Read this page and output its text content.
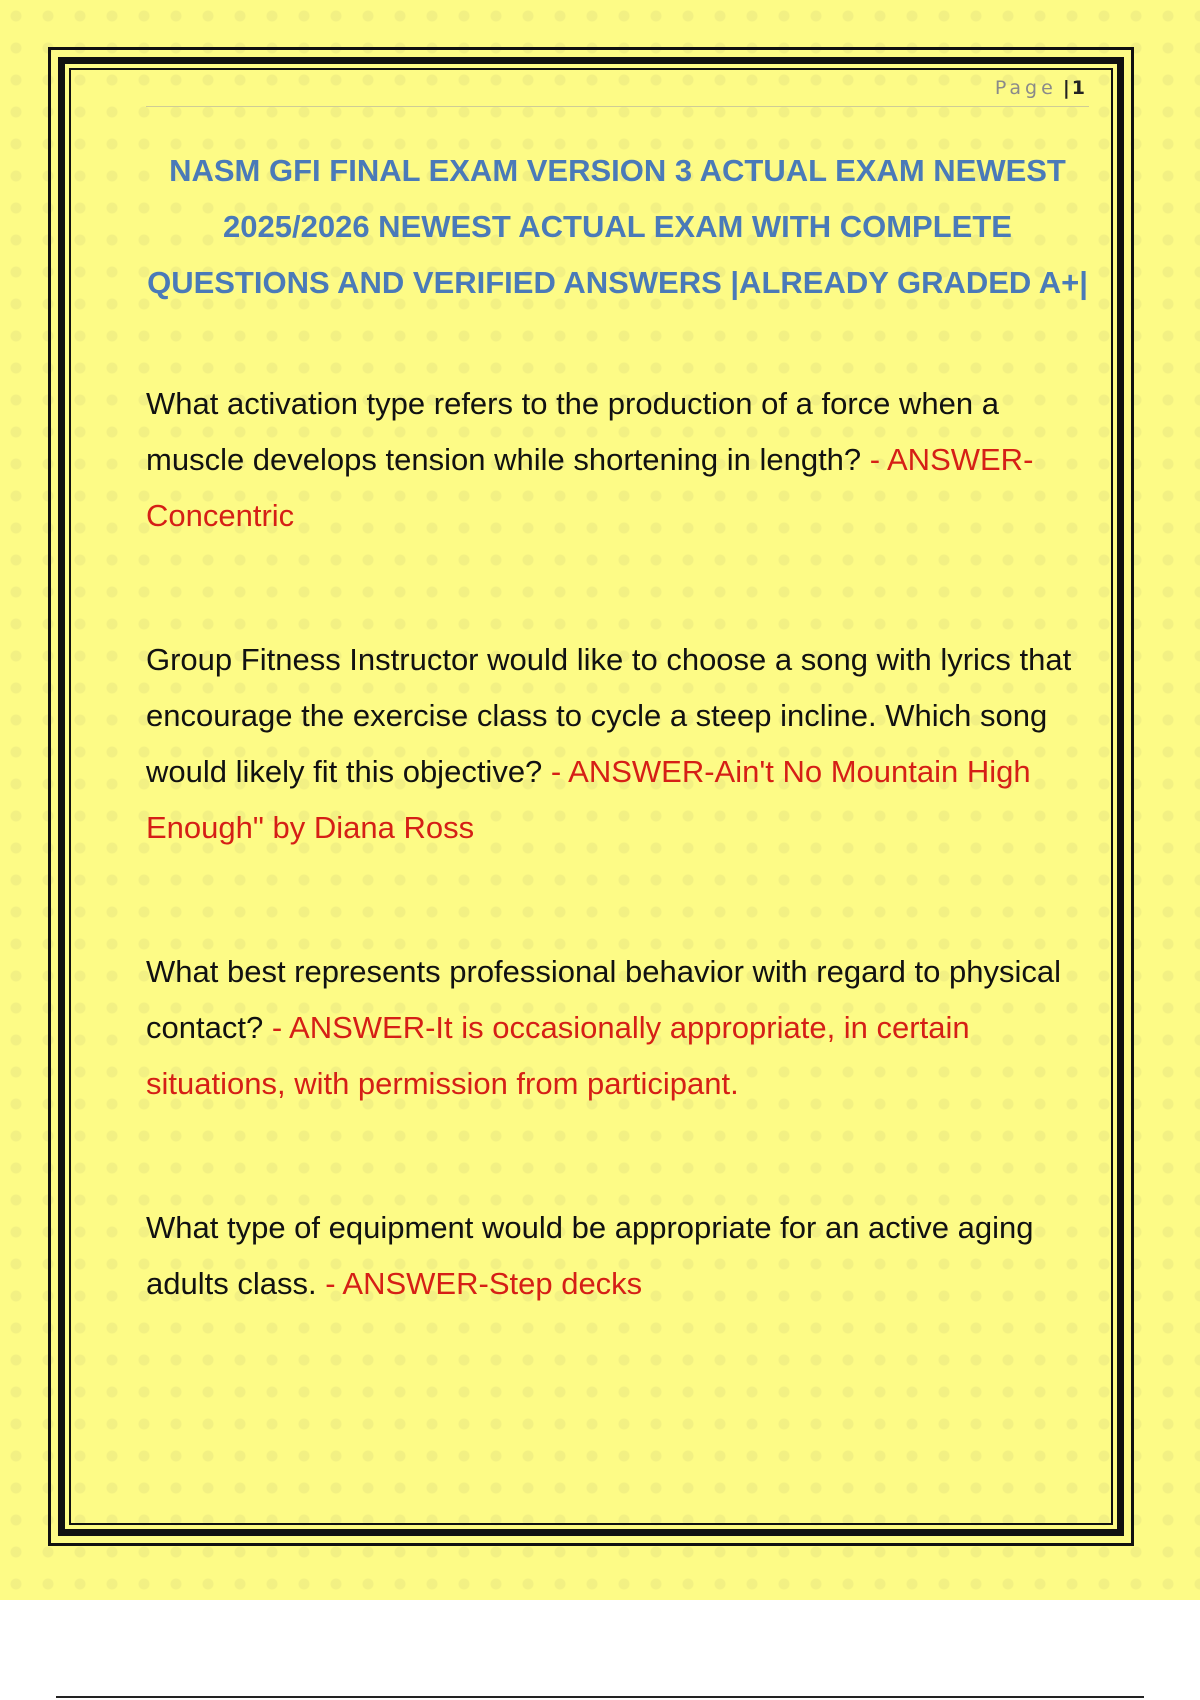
Page | 1
NASM GFI FINAL EXAM VERSION 3 ACTUAL EXAM NEWEST 2025/2026 NEWEST ACTUAL EXAM WITH COMPLETE QUESTIONS AND VERIFIED ANSWERS |ALREADY GRADED A+|

What activation type refers to the production of a force when a muscle develops tension while shortening in length? - ANSWER-Concentric

Group Fitness Instructor would like to choose a song with lyrics that encourage the exercise class to cycle a steep incline. Which song would likely fit this objective? - ANSWER-Ain't No Mountain High Enough" by Diana Ross

What best represents professional behavior with regard to physical contact? - ANSWER-It is occasionally appropriate, in certain situations, with permission from participant.

What type of equipment would be appropriate for an active aging adults class. - ANSWER-Step decks
